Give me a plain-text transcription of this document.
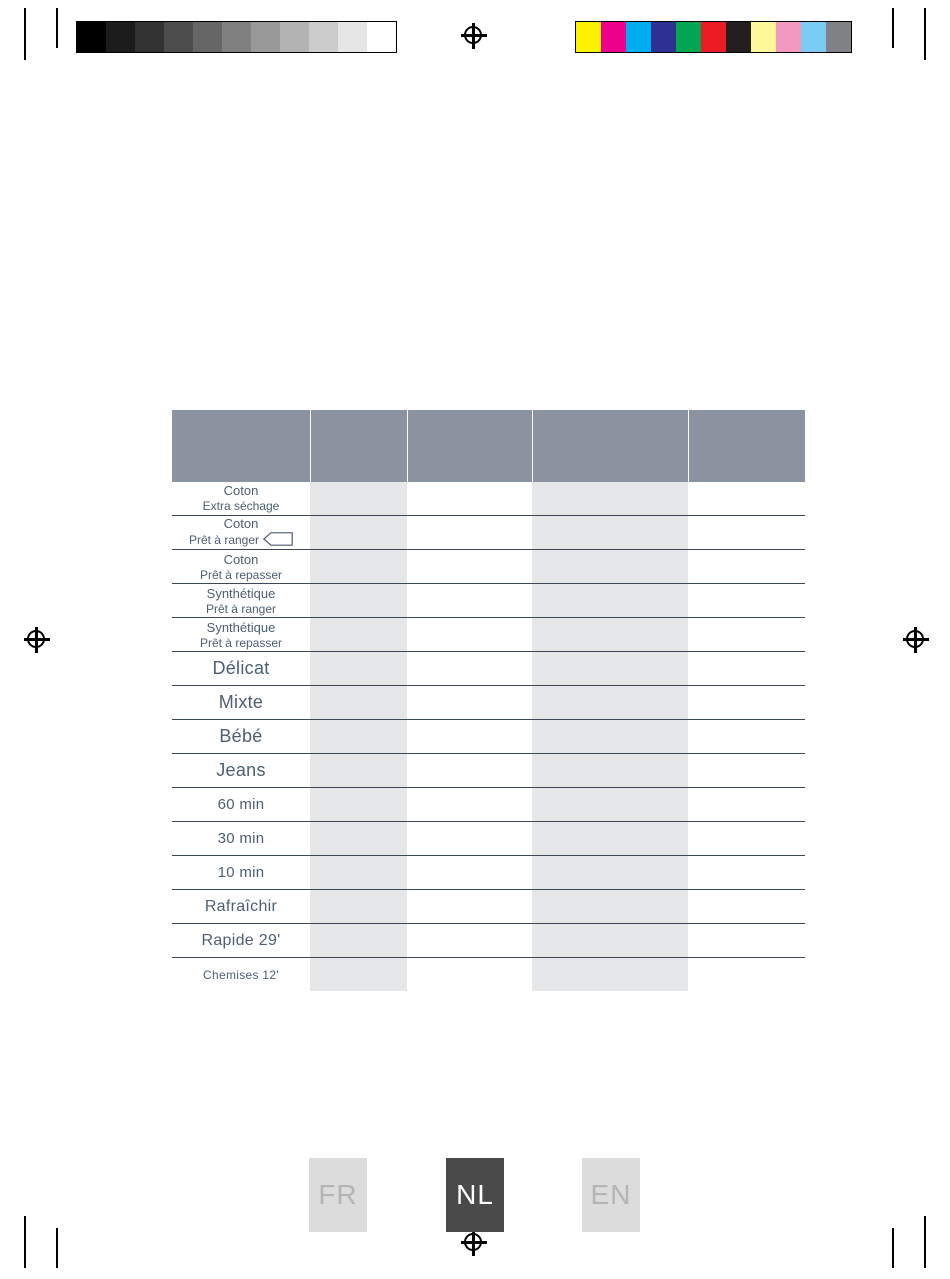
Coton
Extra séchage				

Coton
Prêt à ranger				

Coton
Prêt à repasser				

Synthétique
Prêt à ranger				

Synthétique
Prêt à repasser				

Délicat				

Mixte				

Bébé				

Jeans				

60 min				

30 min				

10 min				

Rafraîchir				

Rapide 29'				

Chemises 12'				

FR	NL	EN
